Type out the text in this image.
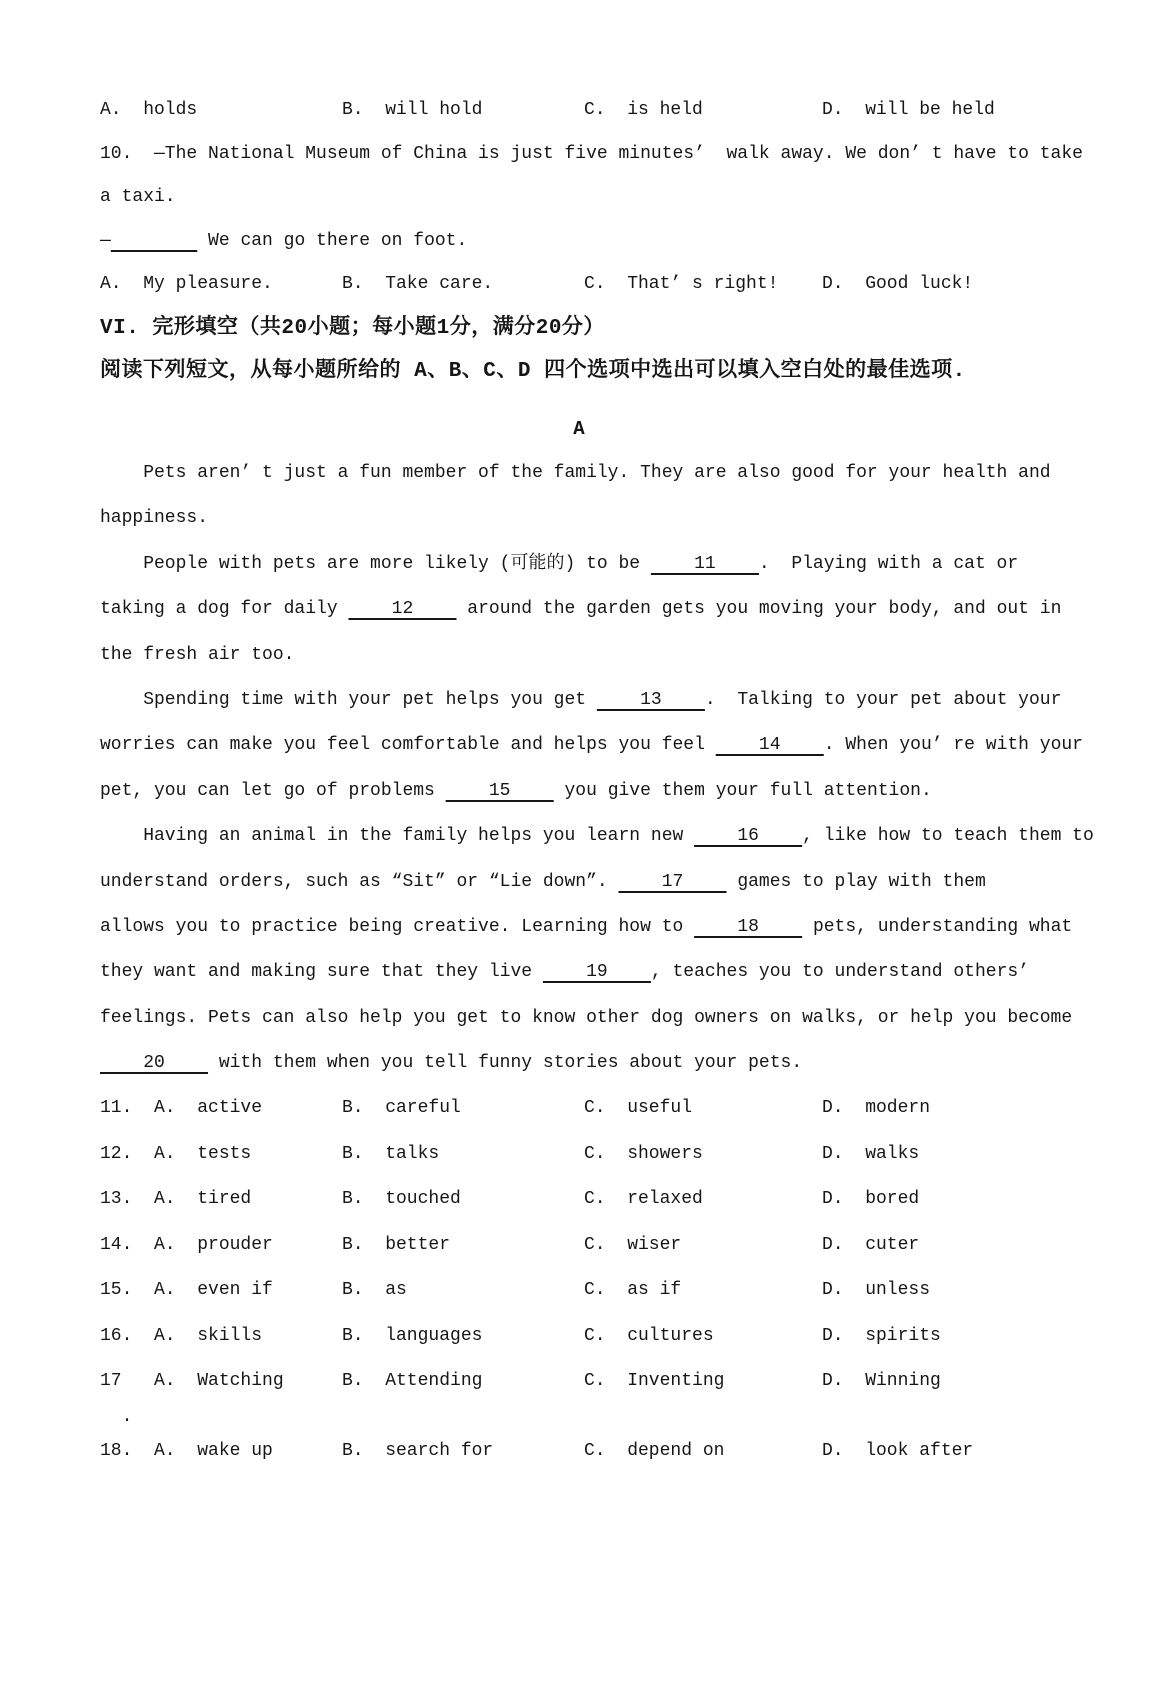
A.  holds

	B.  will hold

	C.  is held

	D.  will be held

10.  —The National Museum of China is just five minutes’  walk away. We don’ t have to take
a taxi.
—	We can go there on foot.

A.  My pleasure.

	B.  Take care.

	C.  That’ s right!

D.  Good luck!

VI. 完形填空（共20小题；每小题1分，满分20分）
阅读下列短文，从每小题所给的 A、B、C、D 四个选项中选出可以填入空白处的最佳选项.
A
Pets aren’ t just a fun member of the family. They are also good for your health and
happiness.
People with pets are more likely (可能的) to be     11    .  Playing with a cat or
taking a dog for daily     12     around the garden gets you moving your body, and out in
the fresh air too.
Spending time with your pet helps you get     13    .  Talking to your pet about your
worries can make you feel comfortable and helps you feel     14    . When you’ re with your
pet, you can let go of problems     15     you give them your full attention.
Having an animal in the family helps you learn new     16    , like how to teach them to
understand orders, such as “Sit” or “Lie down”.     17     games to play with them
allows you to practice being creative. Learning how to     18     pets, understanding what
they want and making sure that they live     19    , teaches you to understand others’
feelings. Pets can also help you get to know other dog owners on walks, or help you become
20     with them when you tell funny stories about your pets.

11.  A.  active

	B.  careful

	C.  useful

	D.  modern

12.  A.  tests

	B.  talks

	C.  showers

	D.  walks

13.  A.  tired

	B.  touched

	C.  relaxed

	D.  bored

14.  A.  prouder

	B.  better

	C.  wiser

	D.  cuter

15.  A.  even if

	B.  as

	C.  as if

	D.  unless

16.  A.  skills

	B.  languages

	C.  cultures

	D.  spirits

17   A.  Watching

	B.  Attending

	C.  Inventing

	D.  Winning

.

18.  A.  wake up

	B.  search for

	C.  depend on

	D.  look after
